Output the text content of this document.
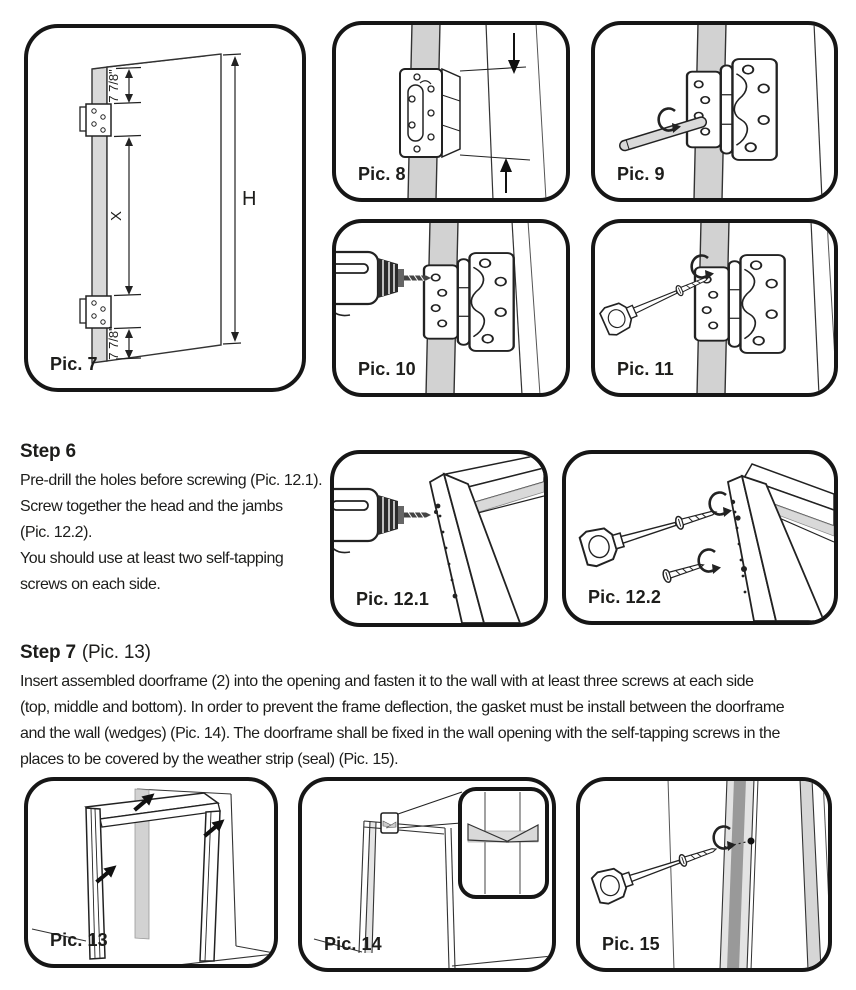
7 7/8"
X
7 7/8"
H
Pic. 7
Pic. 8	Pic. 9
Pic. 10	Pic. 11
Step 6

Pre-drill the holes before screwing (Pic. 12.1).

Screw together the head and the jambs

(Pic. 12.2).

You should use at least two self-tapping

screws on each side.

Pic. 12.1	Pic. 12.2
Step 7 (Pic. 13)

Insert assembled doorframe (2) into the opening and fasten it to the wall with at least three screws at each side

(top, middle and bottom). In order to prevent the frame deflection, the gasket must be install between the doorframe

and the wall (wedges) (Pic. 14). The doorframe shall be fixed in the wall opening with the self-tapping screws in the

places to be covered by the weather strip (seal) (Pic. 15).

Pic. 13	Pic. 14	Pic. 15
